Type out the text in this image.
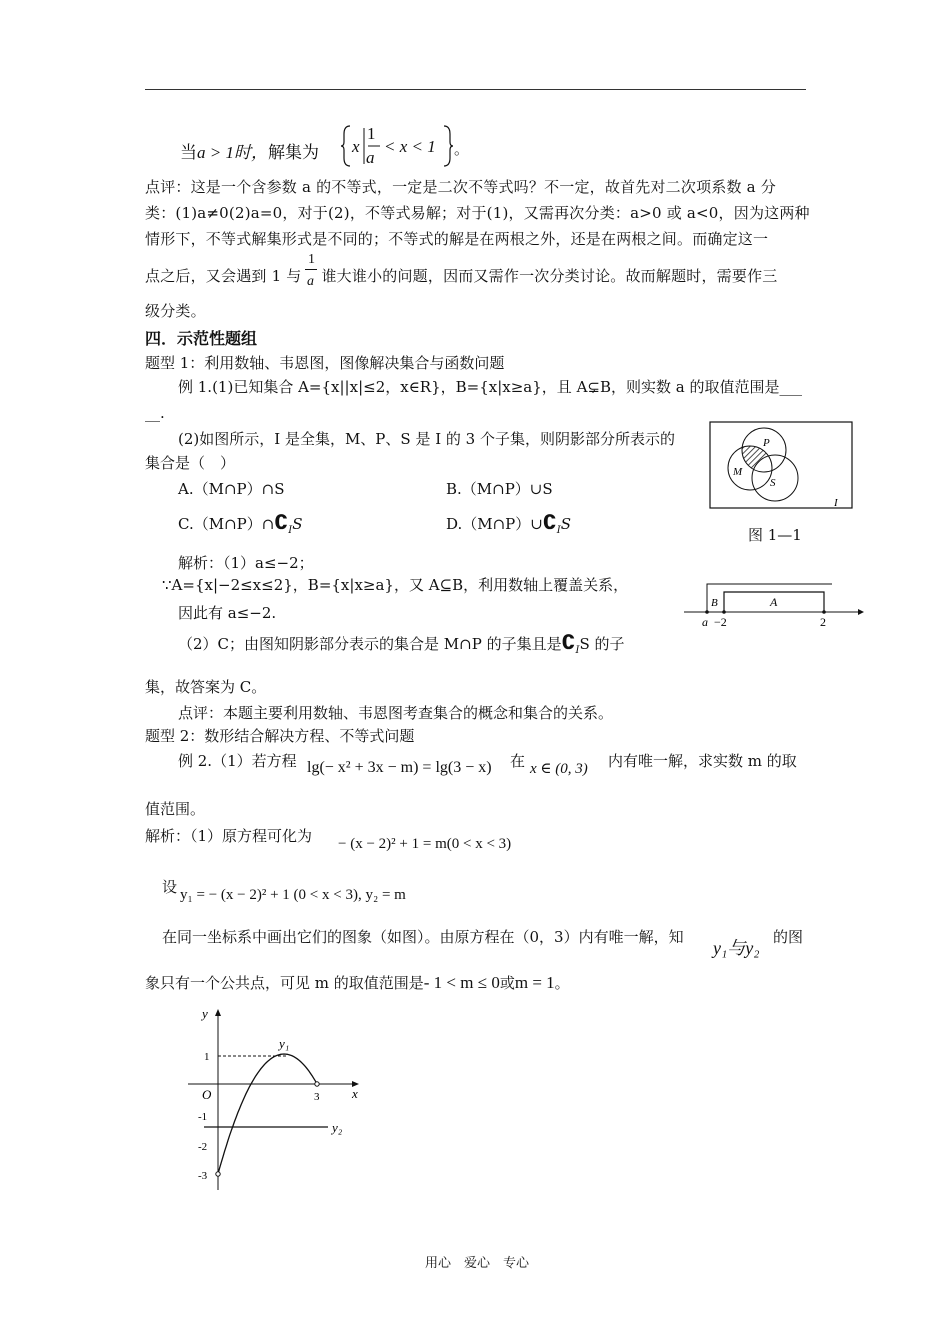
当a > 1时，解集为 x
1
a
< x < 1 。
点评：这是一个含参数 a 的不等式，一定是二次不等式吗？不一定，故首先对二次项系数 a 分
类：(1)a≠0(2)a=0，对于(2)，不等式易解；对于(1)，又需再次分类：a>0 或 a<0，因为这两种
情形下，不等式解集形式是不同的；不等式的解是在两根之外，还是在两根之间。而确定这一
点之后，又会遇到 1 与 谁大谁小的问题，因而又需作一次分类讨论。故而解题时，需要作三
1
a
级分类。
四．示范性题组
题型 1：利用数轴、韦恩图，图像解决集合与函数问题
例 1.(1)已知集合 A={x||x|≤2，x∈R}，B={x|x≥a}，且 A⊊B，则实数 a 的取值范围是___
__.
(2)如图所示，I 是全集，M、P、S 是 I 的 3 个子集，则阴影部分所表示的
集合是（　）
A.（M∩P）∩S	B.（M∩P）∪S
$C.(M\cap P)\cap∁_IS$	$D.(M\cap P)\cup∁_IS$
P
M
S
I
图 1—1
B	A
a −2	2
解析：（1）a≤−2；
∵A={x|−2≤x≤2}，B={x|x≥a}，又 A⊆B，利用数轴上覆盖关系，
因此有 a≤−2.
（2）C；由图知阴影部分表示的集合是 M∩P 的子集且是$∁_IS$ 的子
集，故答案为 C。
点评：本题主要利用数轴、韦恩图考查集合的概念和集合的关系。
题型 2：数形结合解决方程、不等式问题
例 2.（1）若方程 lg(− x² + 3x − m) = lg(3 − x) 在 x ∈ (0, 3) 内有唯一解，求实数 m 的取
值范围。
解析：（1）原方程可化为 − (x − 2)² + 1 = m(0 < x < 3)
设 y₁ = − (x − 2)² + 1 (0 < x < 3), y₂ = m
在同一坐标系中画出它们的图象（如图）。由原方程在（0，3）内有唯一解，知
y₁与y₂
的图
象只有一个公共点，可见 m 的取值范围是- 1 < m ≤ 0或m = 1。
y
x
O
y₁
y₂
1
3
-1
-2
-3
用心　爱心　专心
